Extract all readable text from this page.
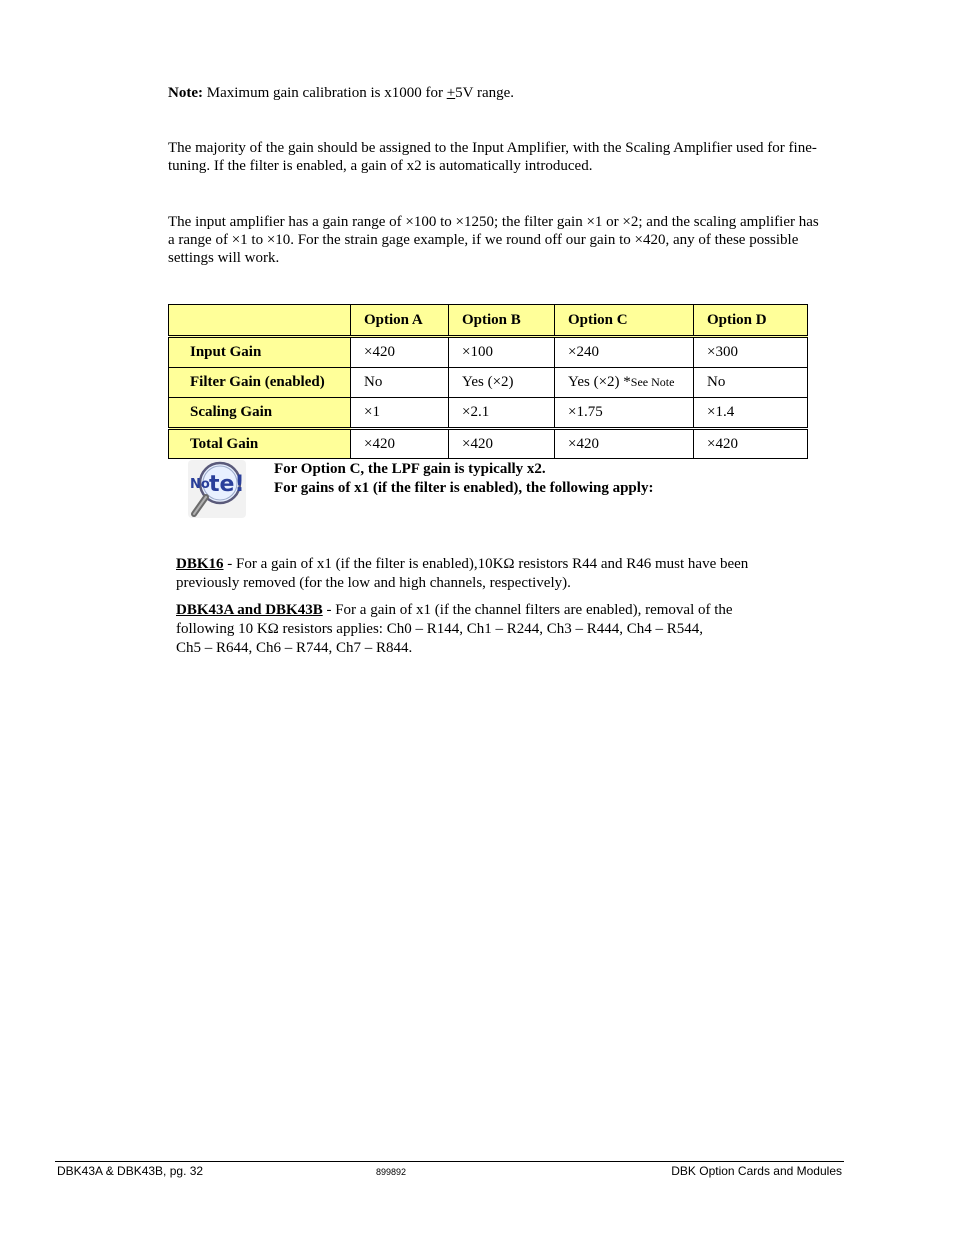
Note: Maximum gain calibration is x1000 for +5V range.

The majority of the gain should be assigned to the Input Amplifier, with the Scaling Amplifier used for fine-tuning. If the filter is enabled, a gain of x2 is automatically introduced.

The input amplifier has a gain range of ×100 to ×1250; the filter gain ×1 or ×2; and the scaling amplifier has a range of ×1 to ×10. For the strain gage example, if we round off our gain to ×420, any of these possible settings will work.

	Option A	Option B	Option C	Option D
Input Gain	×420	×100	×240	×300
Filter Gain (enabled)	No	Yes (×2)	Yes (×2) *See Note	No
Scaling Gain	×1	×2.1	×1.75	×1.4
Total Gain	×420	×420	×420	×420
No te!
For Option C, the LPF gain is typically x2.
For gains of x1 (if the filter is enabled), the following apply:
DBK16 - For a gain of x1 (if the filter is enabled),10KΩ resistors R44 and R46 must have been previously removed (for the low and high channels, respectively).
DBK43A and DBK43B - For a gain of x1 (if the channel filters are enabled), removal of the following 10 KΩ resistors applies: Ch0 – R144, Ch1 – R244, Ch3 – R444, Ch4 – R544,
Ch5 – R644, Ch6 – R744, Ch7 – R844.
DBK43A & DBK43B, pg. 32	899892	DBK Option Cards and Modules
